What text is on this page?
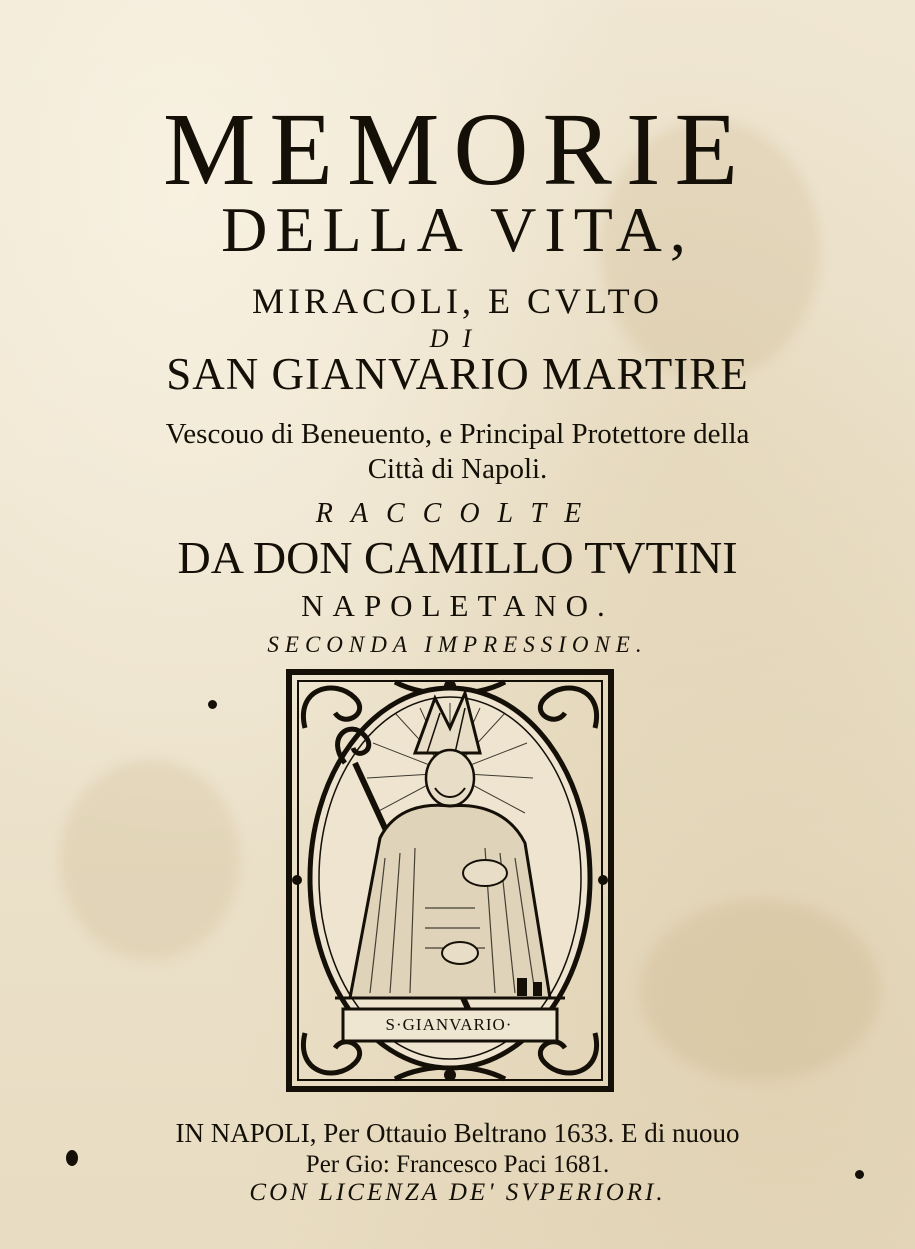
MEMORIE
DELLA VITA,
MIRACOLI, E CVLTO
DI
SAN GIANVARIO MARTIRE
Vescouo di Beneuento, e Principal Protettore della
Città di Napoli.
RACCOLTE
DA DON CAMILLO TVTINI
NAPOLETANO.
SECONDA IMPRESSIONE.
S·GIANVARIO·
IN NAPOLI, Per Ottauio Beltrano 1633. E di nuouo
Per Gio: Francesco Paci 1681.
CON LICENZA DE' SVPERIORI.
